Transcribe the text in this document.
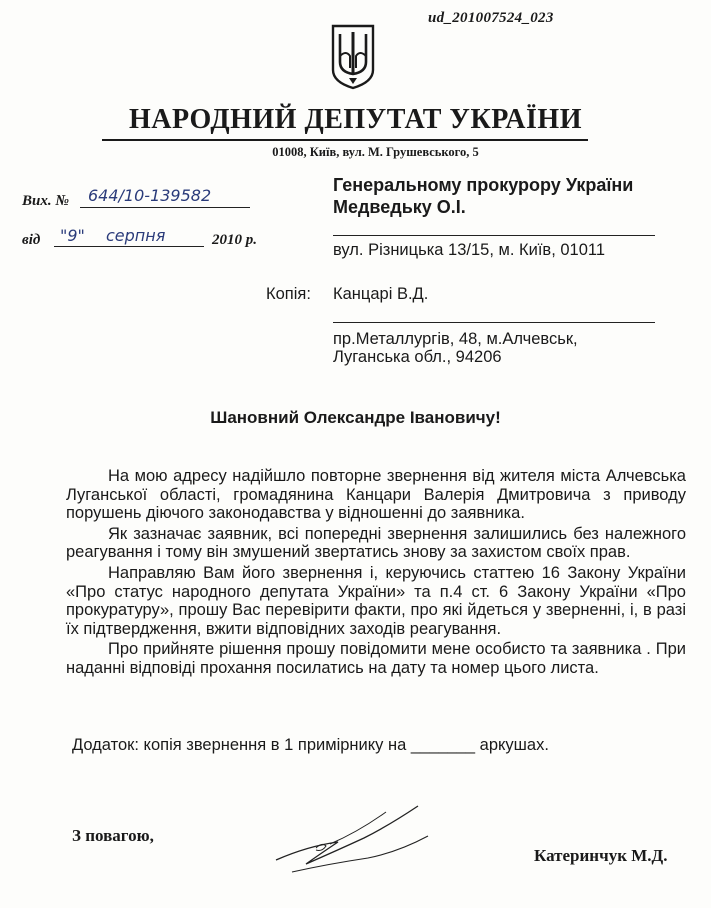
ud_201007524_023
НАРОДНИЙ ДЕПУТАТ УКРАЇНИ
01008, Київ, вул. М. Грушевського, 5
Вих. № 644/10-139582
від "9" серпня	2010 р.
Генеральному прокурору України
Медведьку О.І.
вул. Різницька 13/15, м. Київ, 01011
Копія: Канцарі В.Д.
пр.Металлургів, 48, м.Алчевськ,
Луганська обл., 94206
Шановний Олександре Івановичу!

На мою адресу надійшло повторне звернення від жителя міста Алчевська Луганської області, громадянина Канцари Валерія Дмитровича з приводу порушень діючого законодавства у відношенні до заявника.

Як зазначає заявник, всі попередні звернення залишились без належного реагування і тому він змушений звертатись знову за захистом своїх прав.

Направляю Вам його звернення і, керуючись статтею 16 Закону України «Про статус народного депутата України» та п.4 ст. 6 Закону України «Про прокуратуру», прошу Вас перевірити факти, про які йдеться у зверненні, і, в разі їх підтвердження, вжити відповідних заходів реагування.

Про прийняте рішення прошу повідомити мене особисто та заявника . При наданні відповіді прохання посилатись на дату та номер цього листа.

Додаток: копія звернення в 1 примірнику на _______ аркушах.
З повагою,
Катеринчук М.Д.
